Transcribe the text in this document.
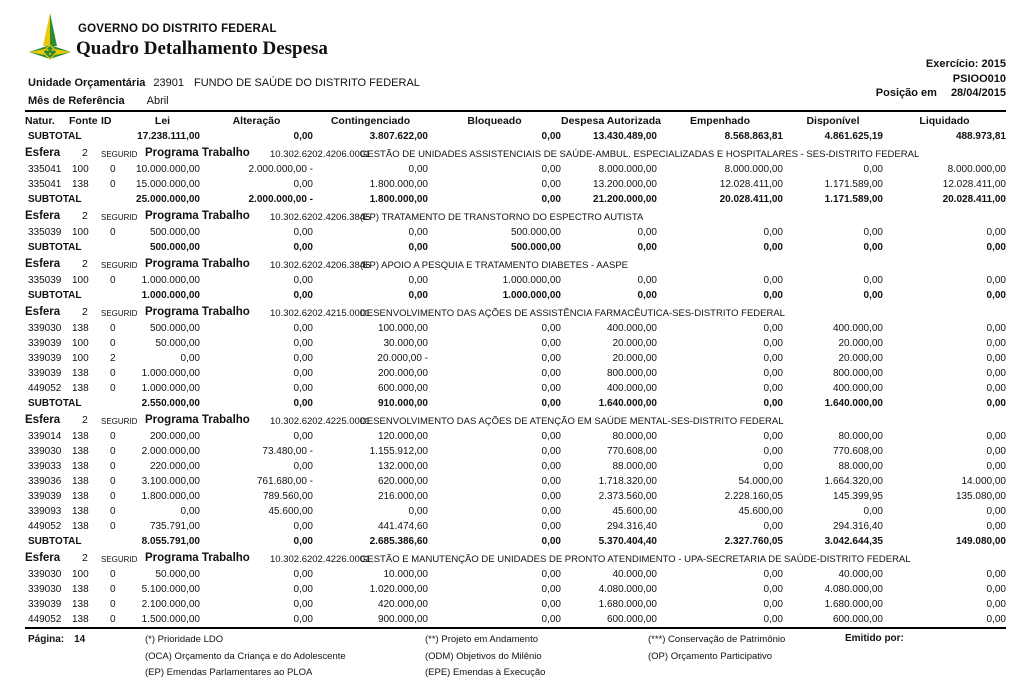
GOVERNO DO DISTRITO FEDERAL
Quadro Detalhamento Despesa
Exercício: 2015
PSIOO010
Posição em 28/04/2015
Unidade Orçamentária 23901 FUNDO DE SAÚDE DO DISTRITO FEDERAL
Mês de Referência Abril
Natur.	Fonte ID	Lei	Alteração	Contingenciado	Bloqueado	Despesa Autorizada	Empenhado	Disponível	Liquidado
SUBTOTAL	17.238.111,00	0,00	3.807.622,00	0,00	13.430.489,00	8.568.863,81	4.861.625,19	488.973,81
Esfera 2 SEGURID Programa Trabalho 10.302.6202.4206.0001
GESTÃO DE UNIDADES ASSISTENCIAIS DE SAÚDE-AMBUL. ESPECIALIZADAS E HOSPITALARES - SES-DISTRITO FEDERAL
335041	100	0	10.000.000,00	2.000.000,00 -	0,00	0,00	8.000.000,00	8.000.000,00	0,00	8.000.000,00
335041	138	0	15.000.000,00	0,00	1.800.000,00	0,00	13.200.000,00	12.028.411,00	1.171.589,00	12.028.411,00
SUBTOTAL	25.000.000,00	2.000.000,00 -	1.800.000,00	0,00	21.200.000,00	20.028.411,00	1.171.589,00	20.028.411,00
Esfera 2 SEGURID Programa Trabalho 10.302.6202.4206.3845
(EP) TRATAMENTO DE TRANSTORNO DO ESPECTRO AUTISTA
335039	100	0	500.000,00	0,00	0,00	500.000,00	0,00	0,00	0,00	0,00
SUBTOTAL	500.000,00	0,00	0,00	500.000,00	0,00	0,00	0,00	0,00
Esfera 2 SEGURID Programa Trabalho 10.302.6202.4206.3846
(EP) APOIO A PESQUIA E TRATAMENTO DIABETES - AASPE
335039	100	0	1.000.000,00	0,00	0,00	1.000.000,00	0,00	0,00	0,00	0,00
SUBTOTAL	1.000.000,00	0,00	0,00	1.000.000,00	0,00	0,00	0,00	0,00
Esfera 2 SEGURID Programa Trabalho 10.302.6202.4215.0001
DESENVOLVIMENTO DAS AÇÕES DE ASSISTÊNCIA FARMACÊUTICA-SES-DISTRITO FEDERAL
339030	138	0	500.000,00	0,00	100.000,00	0,00	400.000,00	0,00	400.000,00	0,00
339039	100	0	50.000,00	0,00	30.000,00	0,00	20.000,00	0,00	20.000,00	0,00
339039	100	2	0,00	0,00	20.000,00 -	0,00	20.000,00	0,00	20.000,00	0,00
339039	138	0	1.000.000,00	0,00	200.000,00	0,00	800.000,00	0,00	800.000,00	0,00
449052	138	0	1.000.000,00	0,00	600.000,00	0,00	400.000,00	0,00	400.000,00	0,00
SUBTOTAL	2.550.000,00	0,00	910.000,00	0,00	1.640.000,00	0,00	1.640.000,00	0,00
Esfera 2 SEGURID Programa Trabalho 10.302.6202.4225.0001
DESENVOLVIMENTO DAS AÇÕES DE ATENÇÃO EM SAÚDE MENTAL-SES-DISTRITO FEDERAL
339014	138	0	200.000,00	0,00	120.000,00	0,00	80.000,00	0,00	80.000,00	0,00
339030	138	0	2.000.000,00	73.480,00 -	1.155.912,00	0,00	770.608,00	0,00	770.608,00	0,00
339033	138	0	220.000,00	0,00	132.000,00	0,00	88.000,00	0,00	88.000,00	0,00
339036	138	0	3.100.000,00	761.680,00 -	620.000,00	0,00	1.718.320,00	54.000,00	1.664.320,00	14.000,00
339039	138	0	1.800.000,00	789.560,00	216.000,00	0,00	2.373.560,00	2.228.160,05	145.399,95	135.080,00
339093	138	0	0,00	45.600,00	0,00	0,00	45.600,00	45.600,00	0,00	0,00
449052	138	0	735.791,00	0,00	441.474,60	0,00	294.316,40	0,00	294.316,40	0,00
SUBTOTAL	8.055.791,00	0,00	2.685.386,60	0,00	5.370.404,40	2.327.760,05	3.042.644,35	149.080,00
Esfera 2 SEGURID Programa Trabalho 10.302.6202.4226.0001
GESTÃO E MANUTENÇÃO DE UNIDADES DE PRONTO ATENDIMENTO - UPA-SECRETARIA DE SAÚDE-DISTRITO FEDERAL
339030	100	0	50.000,00	0,00	10.000,00	0,00	40.000,00	0,00	40.000,00	0,00
339030	138	0	5.100.000,00	0,00	1.020.000,00	0,00	4.080.000,00	0,00	4.080.000,00	0,00
339039	138	0	2.100.000,00	0,00	420.000,00	0,00	1.680.000,00	0,00	1.680.000,00	0,00
449052	138	0	1.500.000,00	0,00	900.000,00	0,00	600.000,00	0,00	600.000,00	0,00
Página: 14	(*) Prioridade LDO
(OCA) Orçamento da Criança e do Adolescente
(EP) Emendas Parlamentares ao PLOA
(**) Projeto em Andamento
(ODM) Objetivos do Milênio
(EPE) Emendas à Execução
(***) Conservação de Patrimônio
(OP) Orçamento Participativo
Emitido por:
